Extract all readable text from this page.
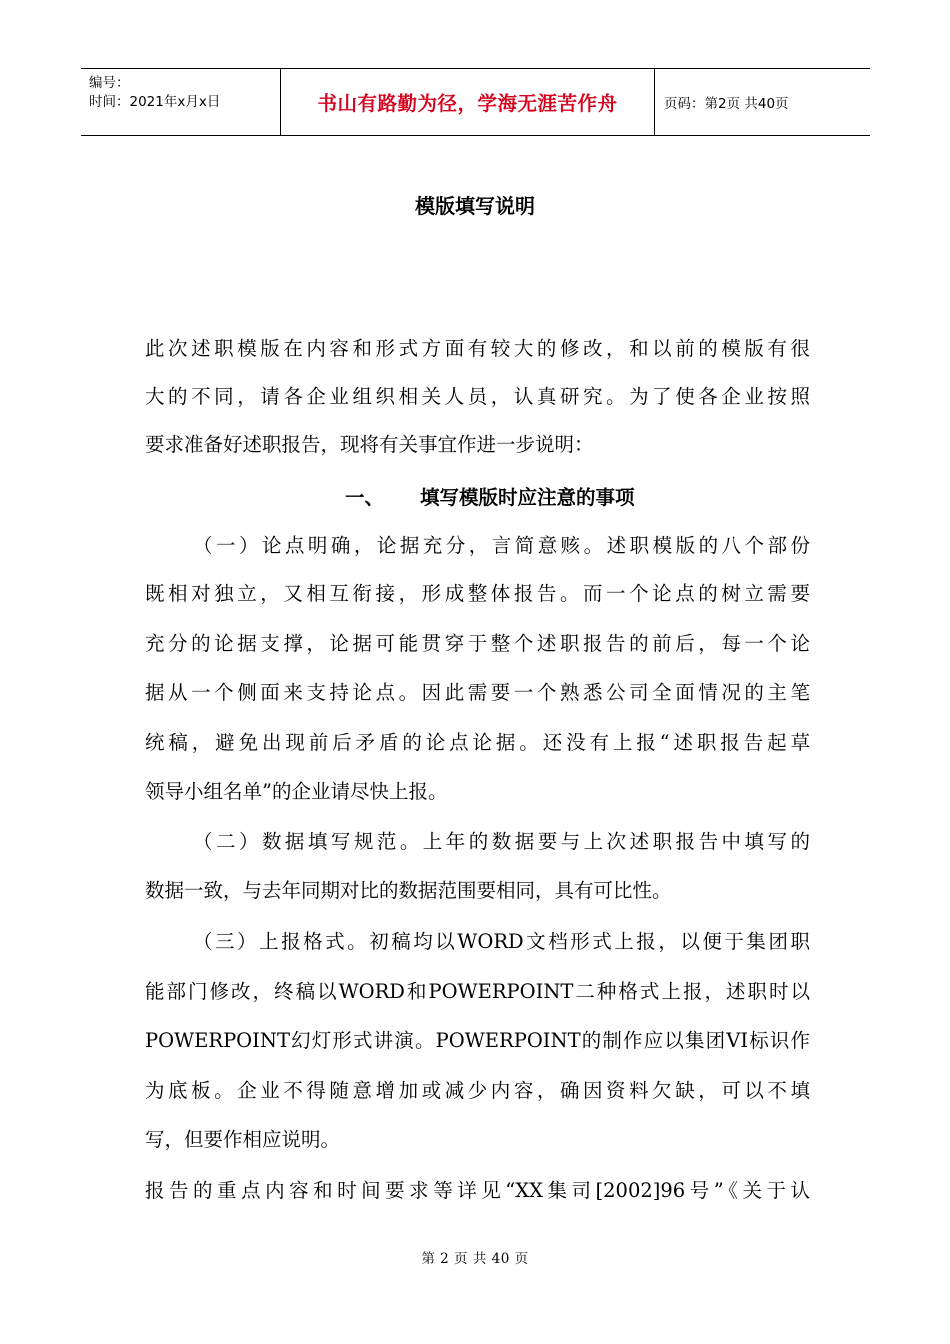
编号：
时间：2021年x月x日	书山有路勤为径，学海无涯苦作舟	页码：第2页 共40页
模版填写说明
此次述职模版在内容和形式方面有较大的修改，和以前的模版有很
大的不同，请各企业组织相关人员，认真研究。为了使各企业按照
要求准备好述职报告，现将有关事宜作进一步说明：
一、 填写模版时应注意的事项
（一）论点明确，论据充分，言简意赅。述职模版的八个部份
既相对独立，又相互衔接，形成整体报告。而一个论点的树立需要
充分的论据支撑，论据可能贯穿于整个述职报告的前后，每一个论
据从一个侧面来支持论点。因此需要一个熟悉公司全面情况的主笔
统稿，避免出现前后矛盾的论点论据。还没有上报“述职报告起草
领导小组名单”的企业请尽快上报。
（二）数据填写规范。上年的数据要与上次述职报告中填写的
数据一致，与去年同期对比的数据范围要相同，具有可比性。
（三）上报格式。初稿均以WORD文档形式上报，以便于集团职
能部门修改，终稿以WORD和POWERPOINT二种格式上报，述职时以
POWERPOINT幻灯形式讲演。POWERPOINT的制作应以集团VI标识作
为底板。企业不得随意增加或减少内容，确因资料欠缺，可以不填
写，但要作相应说明。
报告的重点内容和时间要求等详见“XX集司[2002]96号”《关于认
第 2 页 共 40 页
